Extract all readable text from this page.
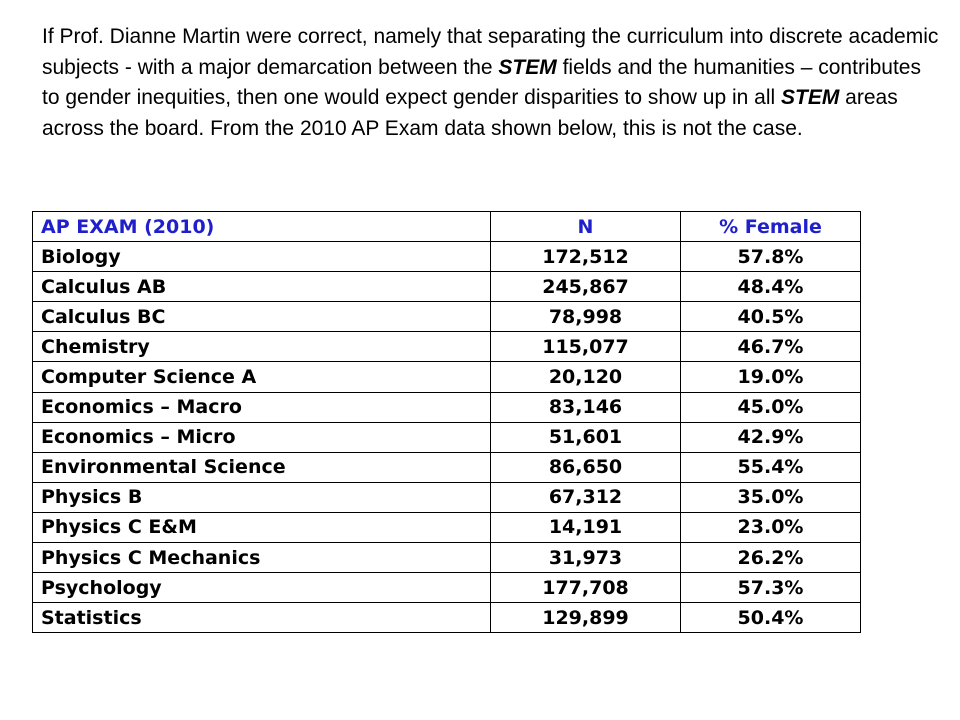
If Prof. Dianne Martin were correct, namely that separating the curriculum into discrete academic subjects - with a major demarcation between the STEM fields and the humanities – contributes to gender inequities, then one would expect gender disparities to show up in all STEM areas across the board. From the 2010 AP Exam data shown below, this is not the case.

AP EXAM (2010)	N	% Female
Biology	172,512	57.8%
Calculus AB	245,867	48.4%
Calculus BC	78,998	40.5%
Chemistry	115,077	46.7%
Computer Science A	20,120	19.0%
Economics – Macro	83,146	45.0%
Economics – Micro	51,601	42.9%
Environmental Science	86,650	55.4%
Physics B	67,312	35.0%
Physics C E&M	14,191	23.0%
Physics C Mechanics	31,973	26.2%
Psychology	177,708	57.3%
Statistics	129,899	50.4%
